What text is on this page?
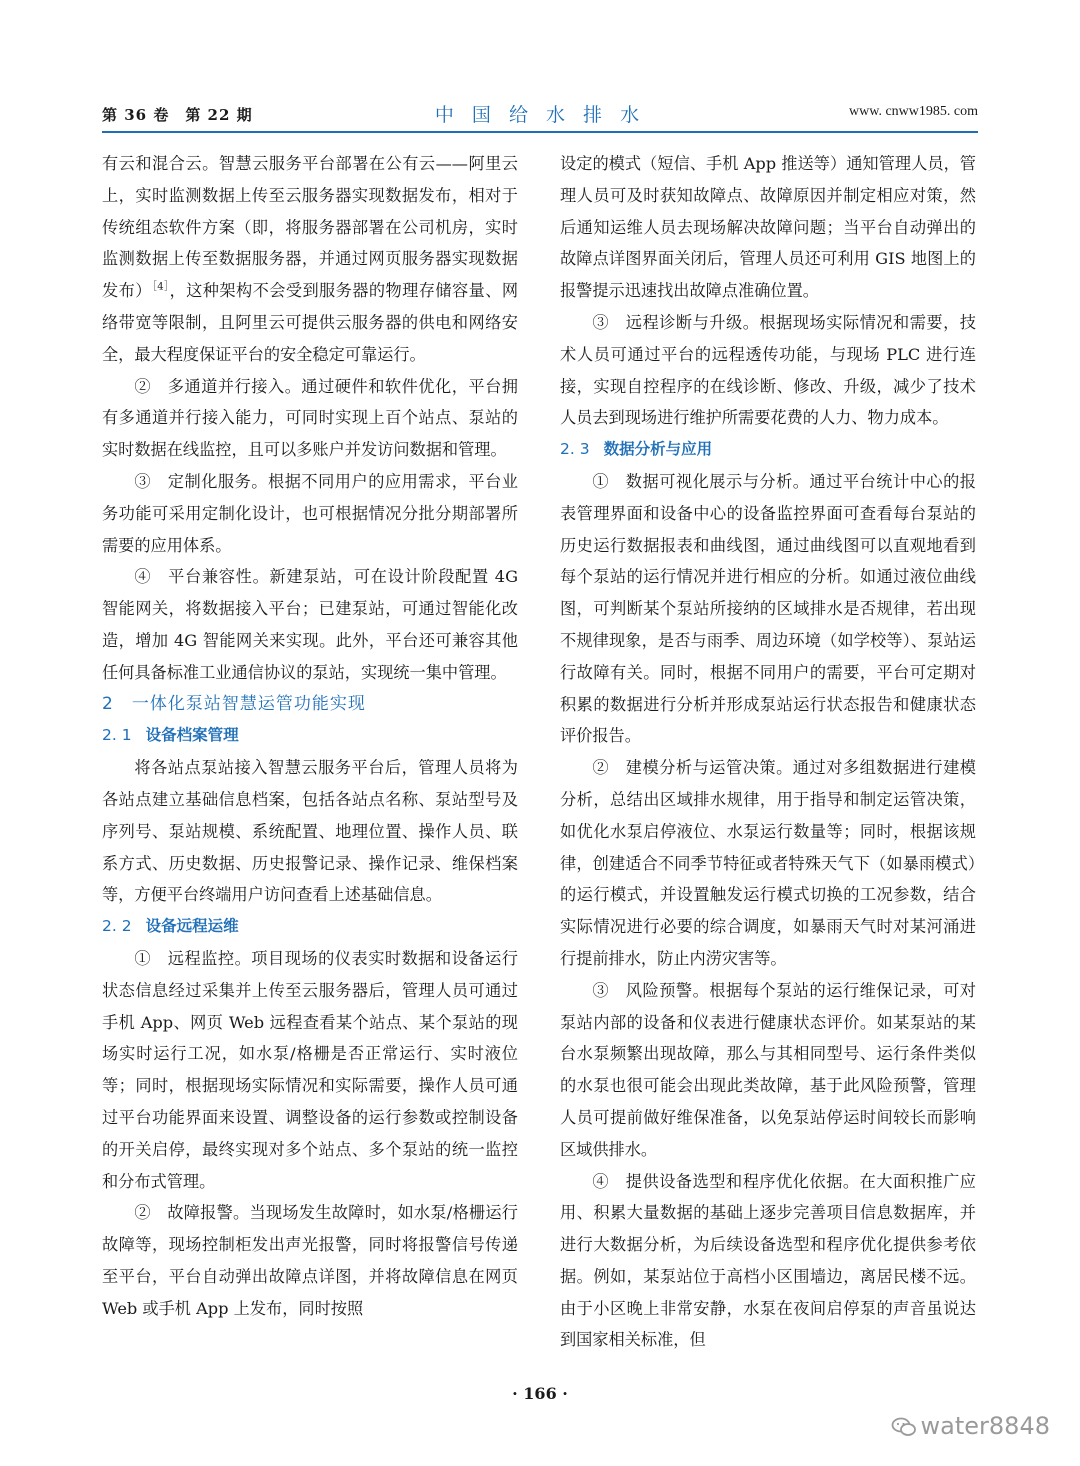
第 36 卷　第 22 期	中 国 给 水 排 水	www. cnww1985. com

有云和混合云。智慧云服务平台部署在公有云——阿里云上，实时监测数据上传至云服务器实现数据发布，相对于传统组态软件方案（即，将服务器部署在公司机房，实时监测数据上传至数据服务器，并通过网页服务器实现数据发布）$^{[4]}$，这种架构不会受到服务器的物理存储容量、网络带宽等限制，且阿里云可提供云服务器的供电和网络安全，最大程度保证平台的安全稳定可靠运行。

②　多通道并行接入。通过硬件和软件优化，平台拥有多通道并行接入能力，可同时实现上百个站点、泵站的实时数据在线监控，且可以多账户并发访问数据和管理。

③　定制化服务。根据不同用户的应用需求，平台业务功能可采用定制化设计，也可根据情况分批分期部署所需要的应用体系。

④　平台兼容性。新建泵站，可在设计阶段配置 4G 智能网关，将数据接入平台；已建泵站，可通过智能化改造，增加 4G 智能网关来实现。此外，平台还可兼容其他任何具备标准工业通信协议的泵站，实现统一集中管理。

2　一体化泵站智慧运管功能实现
2. 1 设备档案管理

将各站点泵站接入智慧云服务平台后，管理人员将为各站点建立基础信息档案，包括各站点名称、泵站型号及序列号、泵站规模、系统配置、地理位置、操作人员、联系方式、历史数据、历史报警记录、操作记录、维保档案等，方便平台终端用户访问查看上述基础信息。

2. 2 设备远程运维

①　远程监控。项目现场的仪表实时数据和设备运行状态信息经过采集并上传至云服务器后，管理人员可通过手机 App、网页 Web 远程查看某个站点、某个泵站的现场实时运行工况，如水泵/格栅是否正常运行、实时液位等；同时，根据现场实际情况和实际需要，操作人员可通过平台功能界面来设置、调整设备的运行参数或控制设备的开关启停，最终实现对多个站点、多个泵站的统一监控和分布式管理。

②　故障报警。当现场发生故障时，如水泵/格栅运行故障等，现场控制柜发出声光报警，同时将报警信号传递至平台，平台自动弹出故障点详图，并将故障信息在网页 Web 或手机 App 上发布，同时按照

设定的模式（短信、手机 App 推送等）通知管理人员，管理人员可及时获知故障点、故障原因并制定相应对策，然后通知运维人员去现场解决故障问题；当平台自动弹出的故障点详图界面关闭后，管理人员还可利用 GIS 地图上的报警提示迅速找出故障点准确位置。

③　远程诊断与升级。根据现场实际情况和需要，技术人员可通过平台的远程透传功能，与现场 PLC 进行连接，实现自控程序的在线诊断、修改、升级，减少了技术人员去到现场进行维护所需要花费的人力、物力成本。

2. 3 数据分析与应用

①　数据可视化展示与分析。通过平台统计中心的报表管理界面和设备中心的设备监控界面可查看每台泵站的历史运行数据报表和曲线图，通过曲线图可以直观地看到每个泵站的运行情况并进行相应的分析。如通过液位曲线图，可判断某个泵站所接纳的区域排水是否规律，若出现不规律现象，是否与雨季、周边环境（如学校等）、泵站运行故障有关。同时，根据不同用户的需要，平台可定期对积累的数据进行分析并形成泵站运行状态报告和健康状态评价报告。

②　建模分析与运管决策。通过对多组数据进行建模分析，总结出区域排水规律，用于指导和制定运管决策，如优化水泵启停液位、水泵运行数量等；同时，根据该规律，创建适合不同季节特征或者特殊天气下（如暴雨模式）的运行模式，并设置触发运行模式切换的工况参数，结合实际情况进行必要的综合调度，如暴雨天气时对某河涌进行提前排水，防止内涝灾害等。

③　风险预警。根据每个泵站的运行维保记录，可对泵站内部的设备和仪表进行健康状态评价。如某泵站的某台水泵频繁出现故障，那么与其相同型号、运行条件类似的水泵也很可能会出现此类故障，基于此风险预警，管理人员可提前做好维保准备，以免泵站停运时间较长而影响区域供排水。

④　提供设备选型和程序优化依据。在大面积推广应用、积累大量数据的基础上逐步完善项目信息数据库，并进行大数据分析，为后续设备选型和程序优化提供参考依据。例如，某泵站位于高档小区围墙边，离居民楼不远。由于小区晚上非常安静，水泵在夜间启停泵的声音虽说达到国家相关标准，但

· 166 ·
water8848
